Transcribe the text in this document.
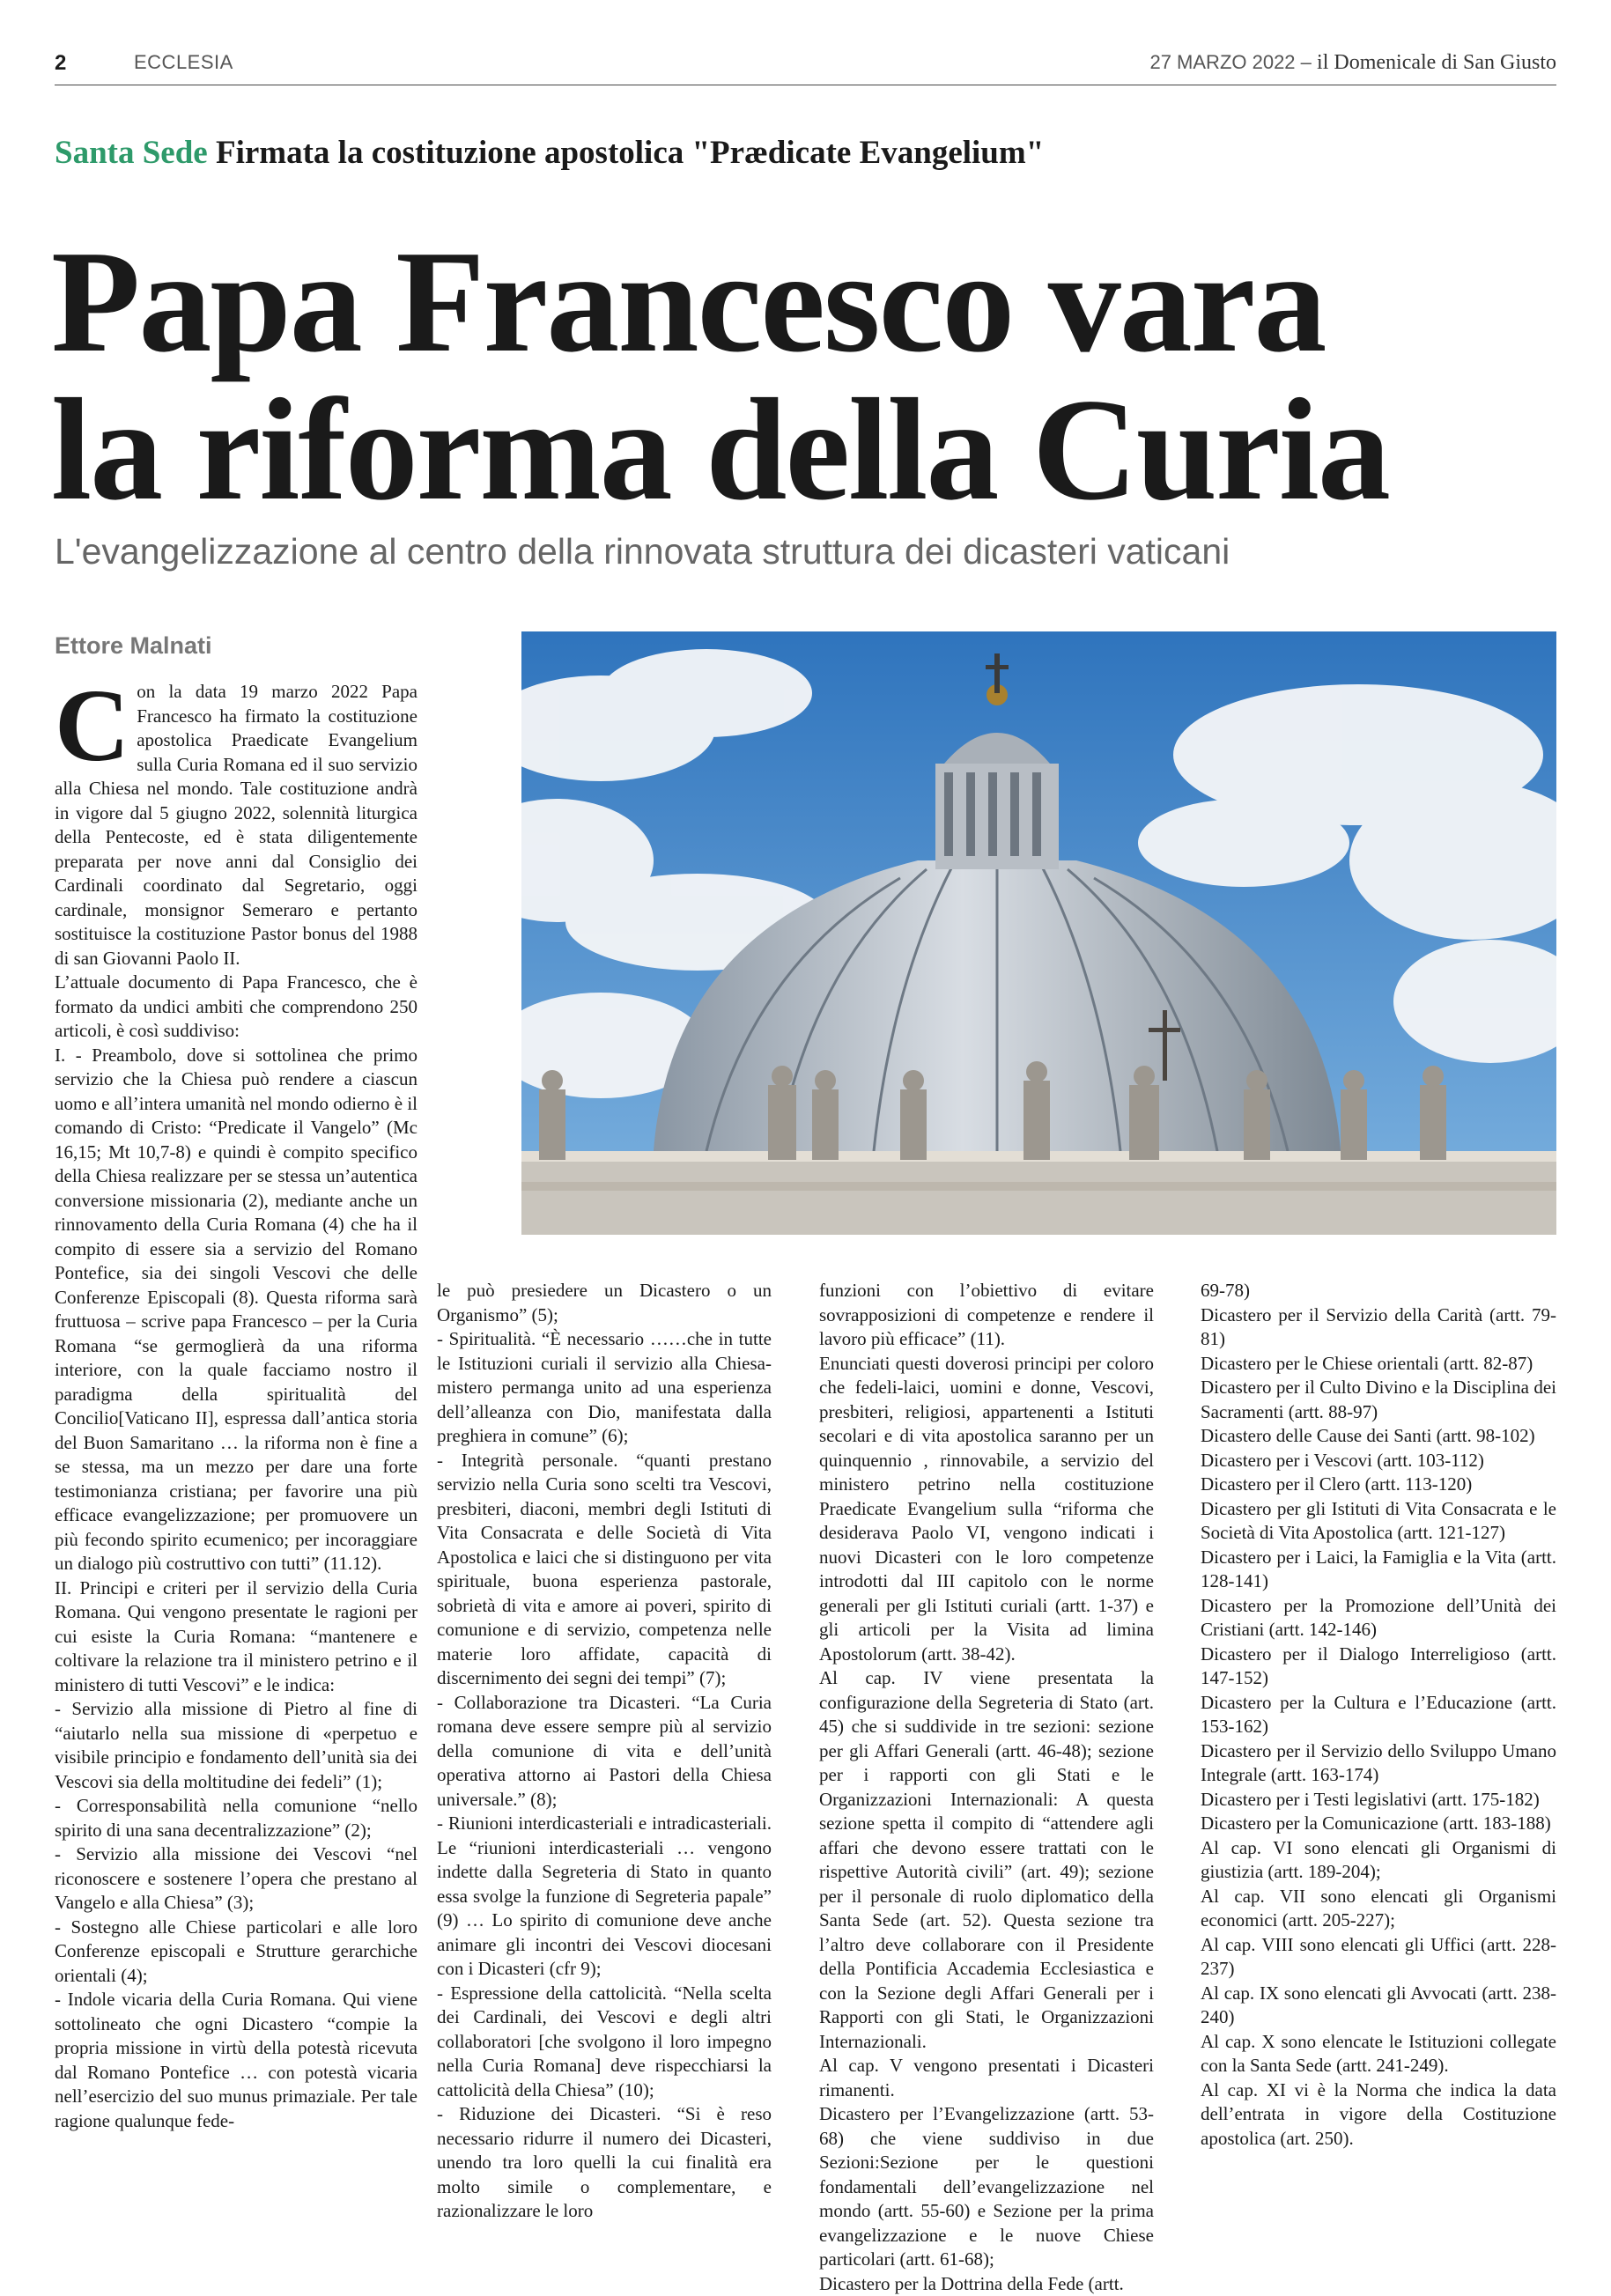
2	ECCLESIA	27 MARZO 2022 – il Domenicale di San Giusto
Santa Sede Firmata la costituzione apostolica "Prædicate Evangelium"
Papa Francesco vara
la riforma della Curia
L'evangelizzazione al centro della rinnovata struttura dei dicasteri vaticani
Ettore Malnati
C on la data 19 marzo 2022 Papa Francesco ha firmato la costituzione apostolica Praedicate Evangelium sulla Curia Romana ed il suo servizio alla Chiesa nel mondo. Tale costituzione andrà in vigore dal 5 giugno 2022, solennità liturgica della Pentecoste, ed è stata diligentemente preparata per nove anni dal Consiglio dei Cardinali coordinato dal Segretario, oggi cardinale, monsignor Semeraro e pertanto sostituisce la costituzione Pastor bonus del 1988 di san Giovanni Paolo II.

L’attuale documento di Papa Francesco, che è formato da undici ambiti che comprendono 250 articoli, è così suddiviso:

I. - Preambolo, dove si sottolinea che primo servizio che la Chiesa può rendere a ciascun uomo e all’intera umanità nel mondo odierno è il comando di Cristo: “Predicate il Vangelo” (Mc 16,15; Mt 10,7-8) e quindi è compito specifico della Chiesa realizzare per se stessa un’autentica conversione missionaria (2), mediante anche un rinnovamento della Curia Romana (4) che ha il compito di essere sia a servizio del Romano Pontefice, sia dei singoli Vescovi che delle Conferenze Episcopali (8). Questa riforma sarà fruttuosa – scrive papa Francesco – per la Curia Romana “se germoglierà da una riforma interiore, con la quale facciamo nostro il paradigma della spiritualità del Concilio[Vaticano II], espressa dall’antica storia del Buon Samaritano … la riforma non è fine a se stessa, ma un mezzo per dare una forte testimonianza cristiana; per favorire una più efficace evangelizzazione; per promuovere un più fecondo spirito ecumenico; per incoraggiare un dialogo più costruttivo con tutti” (11.12).

II. Principi e criteri per il servizio della Curia Romana. Qui vengono presentate le ragioni per cui esiste la Curia Romana: “mantenere e coltivare la relazione tra il ministero petrino e il ministero di tutti Vescovi” e le indica:

- Servizio alla missione di Pietro al fine di “aiutarlo nella sua missione di «perpetuo e visibile principio e fondamento dell’unità sia dei Vescovi sia della moltitudine dei fedeli” (1);

- Corresponsabilità nella comunione “nello spirito di una sana decentralizzazione” (2);

- Servizio alla missione dei Vescovi “nel riconoscere e sostenere l’opera che prestano al Vangelo e alla Chiesa” (3);

- Sostegno alle Chiese particolari e alle loro Conferenze episcopali e Strutture gerarchiche orientali (4);

- Indole vicaria della Curia Romana. Qui viene sottolineato che ogni Dicastero “compie la propria missione in virtù della potestà ricevuta dal Romano Pontefice … con potestà vicaria nell’esercizio del suo munus primaziale. Per tale ragione qualunque fede-

le può presiedere un Dicastero o un Organismo” (5);

- Spiritualità. “È necessario ……che in tutte le Istituzioni curiali il servizio alla Chiesa-mistero permanga unito ad una esperienza dell’alleanza con Dio, manifestata dalla preghiera in comune” (6);

- Integrità personale. “quanti prestano servizio nella Curia sono scelti tra Vescovi, presbiteri, diaconi, membri degli Istituti di Vita Consacrata e delle Società di Vita Apostolica e laici che si distinguono per vita spirituale, buona esperienza pastorale, sobrietà di vita e amore ai poveri, spirito di comunione e di servizio, competenza nelle materie loro affidate, capacità di discernimento dei segni dei tempi” (7);

- Collaborazione tra Dicasteri. “La Curia romana deve essere sempre più al servizio della comunione di vita e dell’unità operativa attorno ai Pastori della Chiesa universale.” (8);

- Riunioni interdicasteriali e intradicasteriali. Le “riunioni interdicasteriali … vengono indette dalla Segreteria di Stato in quanto essa svolge la funzione di Segreteria papale” (9) … Lo spirito di comunione deve anche animare gli incontri dei Vescovi diocesani con i Dicasteri (cfr 9);

- Espressione della cattolicità. “Nella scelta dei Cardinali, dei Vescovi e degli altri collaboratori [che svolgono il loro impegno nella Curia Romana] deve rispecchiarsi la cattolicità della Chiesa” (10);

- Riduzione dei Dicasteri. “Si è reso necessario ridurre il numero dei Dicasteri, unendo tra loro quelli la cui finalità era molto simile o complementare, e razionalizzare le loro

funzioni con l’obiettivo di evitare sovrapposizioni di competenze e rendere il lavoro più efficace” (11).

Enunciati questi doverosi principi per coloro che fedeli-laici, uomini e donne, Vescovi, presbiteri, religiosi, appartenenti a Istituti secolari e di vita apostolica saranno per un quinquennio , rinnovabile, a servizio del ministero petrino nella costituzione Praedicate Evangelium sulla “riforma che desiderava Paolo VI, vengono indicati i nuovi Dicasteri con le loro competenze introdotti dal III capitolo con le norme generali per gli Istituti curiali (artt. 1-37) e gli articoli per la Visita ad limina Apostolorum (artt. 38-42).

Al cap. IV viene presentata la configurazione della Segreteria di Stato (art. 45) che si suddivide in tre sezioni: sezione per gli Affari Generali (artt. 46-48); sezione per i rapporti con gli Stati e le Organizzazioni Internazionali: A questa sezione spetta il compito di “attendere agli affari che devono essere trattati con le rispettive Autorità civili” (art. 49); sezione per il personale di ruolo diplomatico della Santa Sede (art. 52). Questa sezione tra l’altro deve collaborare con il Presidente della Pontificia Accademia Ecclesiastica e con la Sezione degli Affari Generali per i Rapporti con gli Stati, le Organizzazioni Internazionali.

Al cap. V vengono presentati i Dicasteri rimanenti.

Dicastero per l’Evangelizzazione (artt. 53-68) che viene suddiviso in due Sezioni:Sezione per le questioni fondamentali dell’evangelizzazione nel mondo (artt. 55-60) e Sezione per la prima evangelizzazione e le nuove Chiese particolari (artt. 61-68);

Dicastero per la Dottrina della Fede (artt.

69-78)

Dicastero per il Servizio della Carità (artt. 79-81)

Dicastero per le Chiese orientali (artt. 82-87)

Dicastero per il Culto Divino e la Disciplina dei Sacramenti (artt. 88-97)

Dicastero delle Cause dei Santi (artt. 98-102)

Dicastero per i Vescovi (artt. 103-112)

Dicastero per il Clero (artt. 113-120)

Dicastero per gli Istituti di Vita Consacrata e le Società di Vita Apostolica (artt. 121-127)

Dicastero per i Laici, la Famiglia e la Vita (artt. 128-141)

Dicastero per la Promozione dell’Unità dei Cristiani (artt. 142-146)

Dicastero per il Dialogo Interreligioso (artt. 147-152)

Dicastero per la Cultura e l’Educazione (artt. 153-162)

Dicastero per il Servizio dello Sviluppo Umano Integrale (artt. 163-174)

Dicastero per i Testi legislativi (artt. 175-182)

Dicastero per la Comunicazione (artt. 183-188)

Al cap. VI sono elencati gli Organismi di giustizia (artt. 189-204);

Al cap. VII sono elencati gli Organismi economici (artt. 205-227);

Al cap. VIII sono elencati gli Uffici (artt. 228-237)

Al cap. IX sono elencati gli Avvocati (artt. 238-240)

Al cap. X sono elencate le Istituzioni collegate con la Santa Sede (artt. 241-249).

Al cap. XI vi è la Norma che indica la data dell’entrata in vigore della Costituzione apostolica (art. 250).
